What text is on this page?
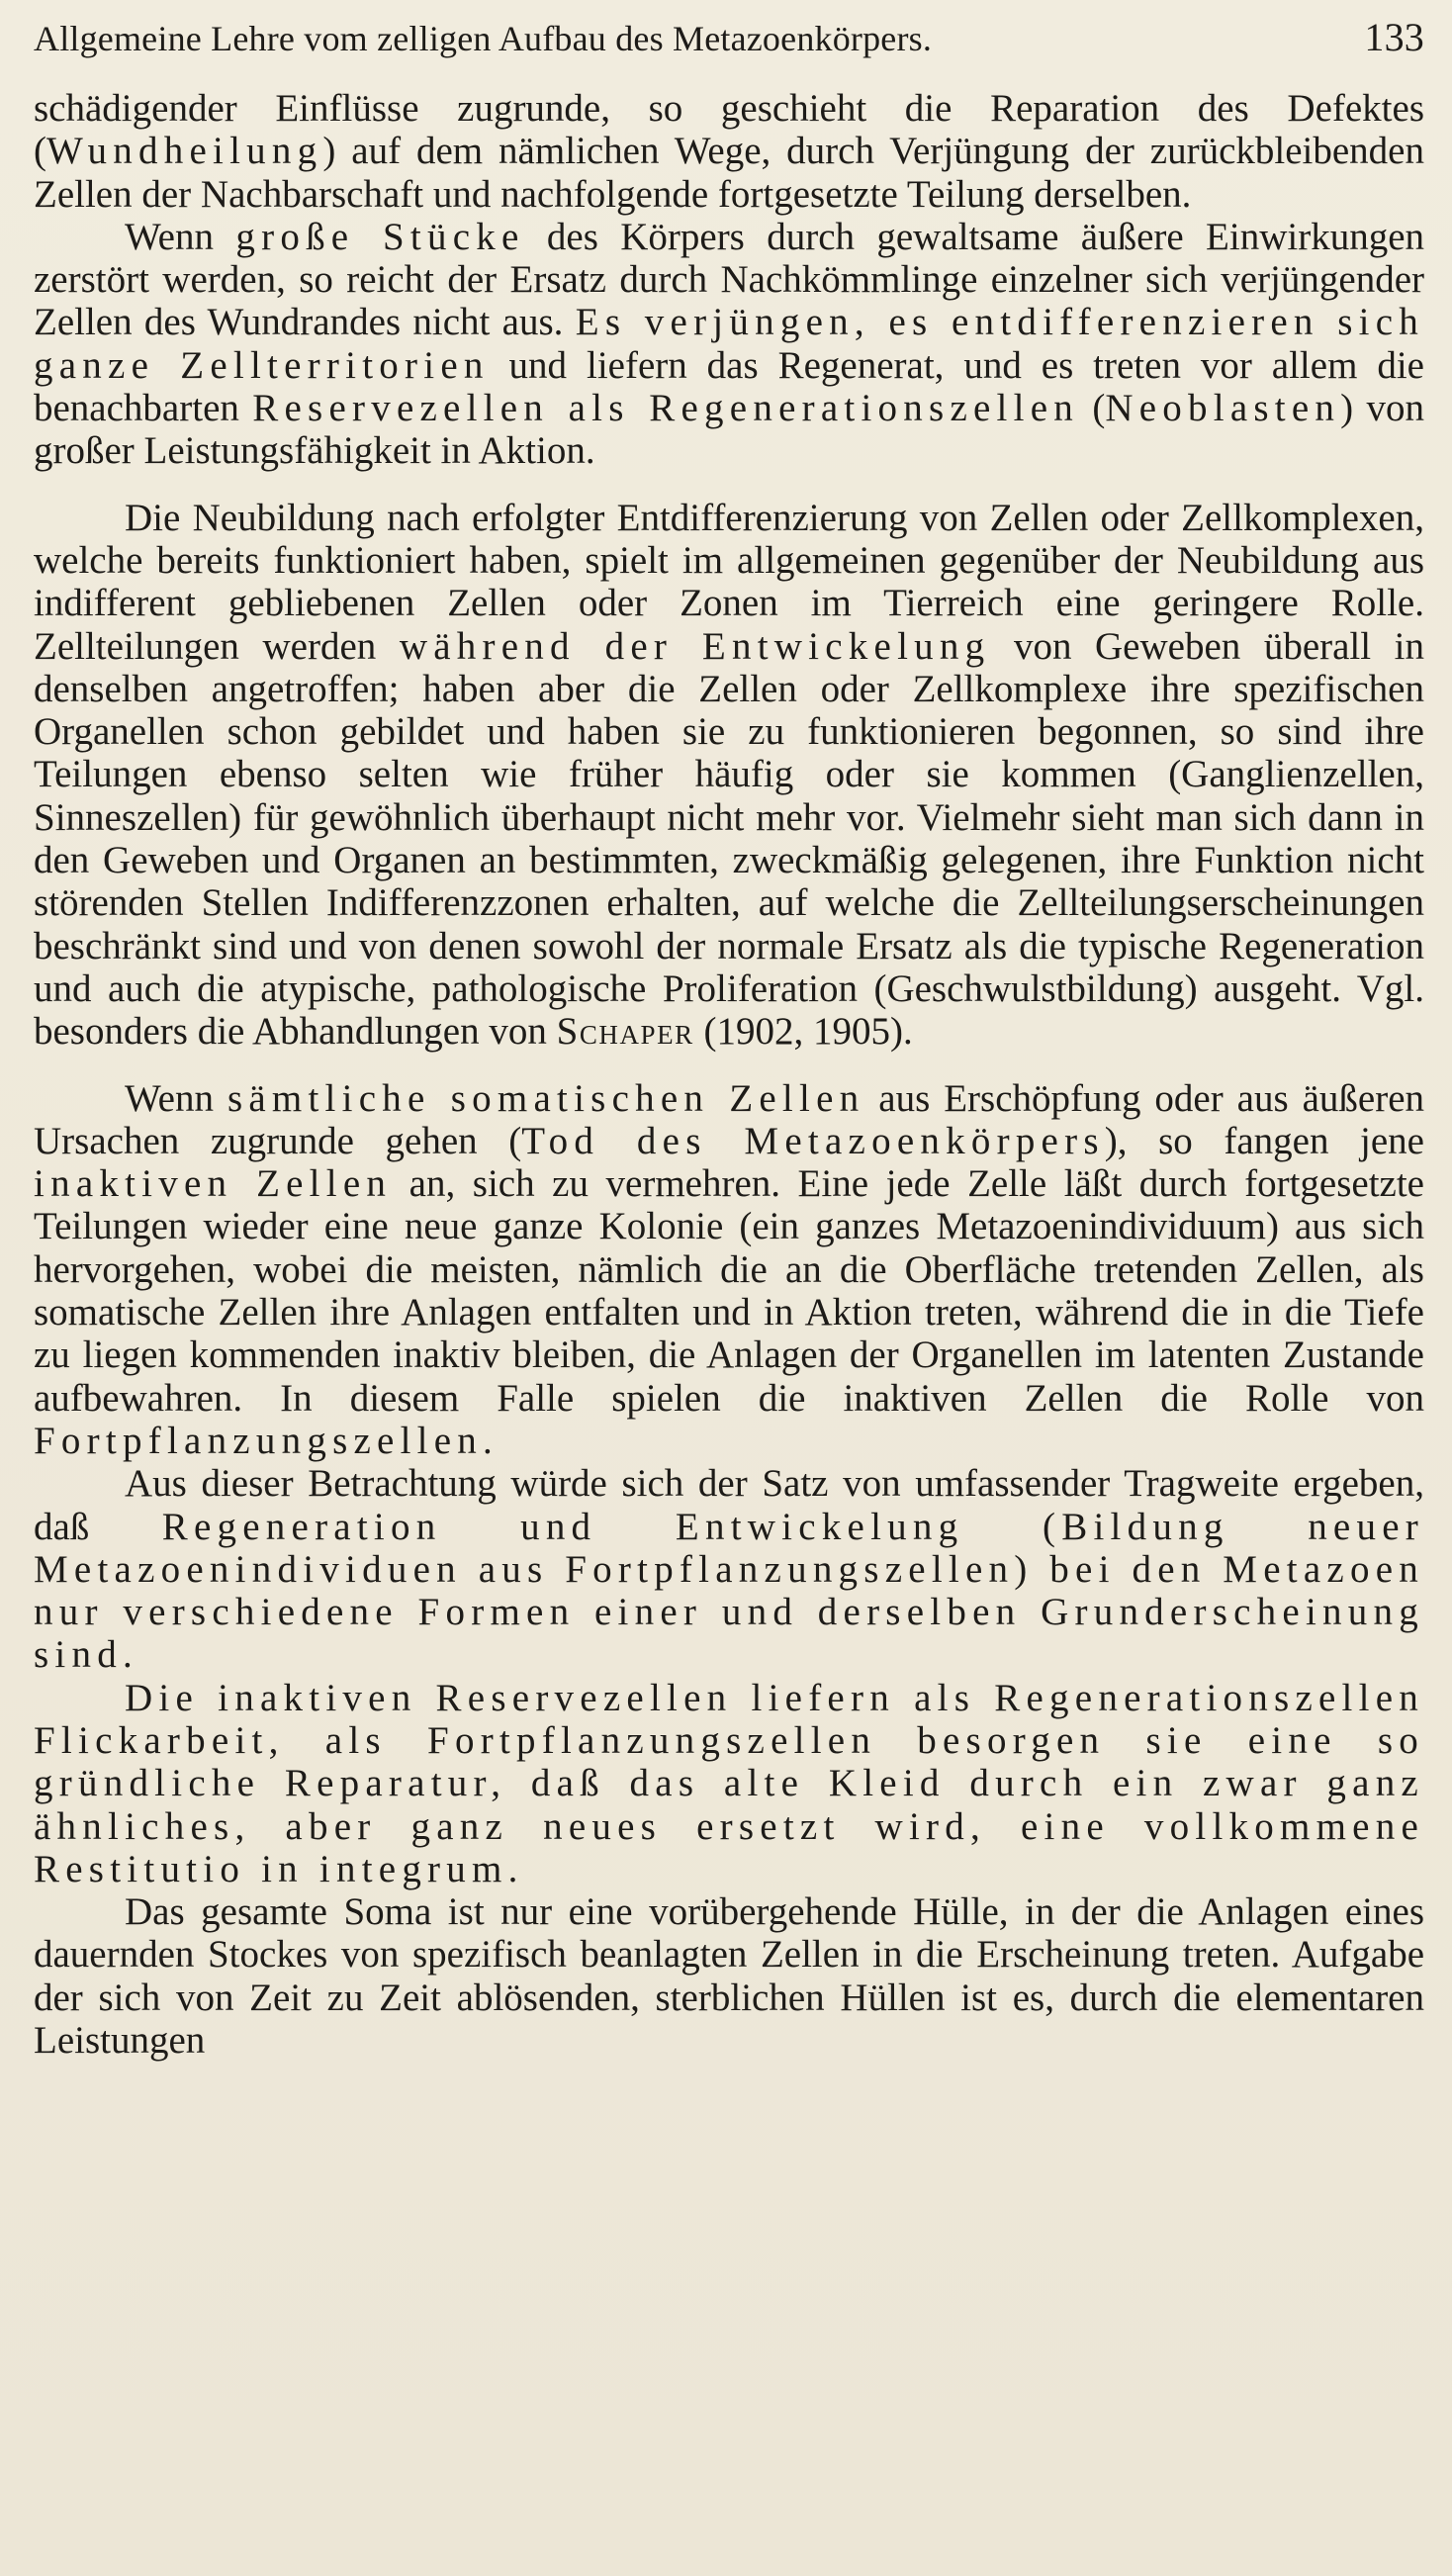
Allgemeine Lehre vom zelligen Aufbau des Metazoenkörpers.	133

schädigender Einflüsse zugrunde, so geschieht die Reparation des Defektes (Wundheilung) auf dem nämlichen Wege, durch Verjüngung der zurückbleibenden Zellen der Nachbarschaft und nachfolgende fortgesetzte Teilung derselben.

Wenn große Stücke des Körpers durch gewaltsame äußere Einwirkungen zerstört werden, so reicht der Ersatz durch Nachkömmlinge einzelner sich verjüngender Zellen des Wundrandes nicht aus. Es verjüngen, es entdifferenzieren sich ganze Zellterritorien und liefern das Regenerat, und es treten vor allem die benachbarten Reservezellen als Regenerationszellen (Neoblasten) von großer Leistungsfähigkeit in Aktion.

Die Neubildung nach erfolgter Entdifferenzierung von Zellen oder Zellkomplexen, welche bereits funktioniert haben, spielt im allgemeinen gegenüber der Neubildung aus indifferent gebliebenen Zellen oder Zonen im Tierreich eine geringere Rolle. Zellteilungen werden während der Entwickelung von Geweben überall in denselben angetroffen; haben aber die Zellen oder Zellkomplexe ihre spezifischen Organellen schon gebildet und haben sie zu funktionieren begonnen, so sind ihre Teilungen ebenso selten wie früher häufig oder sie kommen (Ganglienzellen, Sinneszellen) für gewöhnlich überhaupt nicht mehr vor. Vielmehr sieht man sich dann in den Geweben und Organen an bestimmten, zweckmäßig gelegenen, ihre Funktion nicht störenden Stellen Indifferenzzonen erhalten, auf welche die Zellteilungserscheinungen beschränkt sind und von denen sowohl der normale Ersatz als die typische Regeneration und auch die atypische, pathologische Proliferation (Geschwulstbildung) ausgeht. Vgl. besonders die Abhandlungen von Schaper (1902, 1905).

Wenn sämtliche somatischen Zellen aus Erschöpfung oder aus äußeren Ursachen zugrunde gehen (Tod des Metazoenkörpers), so fangen jene inaktiven Zellen an, sich zu vermehren. Eine jede Zelle läßt durch fortgesetzte Teilungen wieder eine neue ganze Kolonie (ein ganzes Metazoenindividuum) aus sich hervorgehen, wobei die meisten, nämlich die an die Oberfläche tretenden Zellen, als somatische Zellen ihre Anlagen entfalten und in Aktion treten, während die in die Tiefe zu liegen kommenden inaktiv bleiben, die Anlagen der Organellen im latenten Zustande aufbewahren. In diesem Falle spielen die inaktiven Zellen die Rolle von Fortpflanzungszellen.

Aus dieser Betrachtung würde sich der Satz von umfassender Tragweite ergeben, daß Regeneration und Entwickelung (Bildung neuer Metazoenindividuen aus Fortpflanzungszellen) bei den Metazoen nur verschiedene Formen einer und derselben Grunderscheinung sind.

Die inaktiven Reservezellen liefern als Regenerationszellen Flickarbeit, als Fortpflanzungszellen besorgen sie eine so gründliche Reparatur, daß das alte Kleid durch ein zwar ganz ähnliches, aber ganz neues ersetzt wird, eine vollkommene Restitutio in integrum.

Das gesamte Soma ist nur eine vorübergehende Hülle, in der die Anlagen eines dauernden Stockes von spezifisch beanlagten Zellen in die Erscheinung treten. Aufgabe der sich von Zeit zu Zeit ablösenden, sterblichen Hüllen ist es, durch die elementaren Leistungen
